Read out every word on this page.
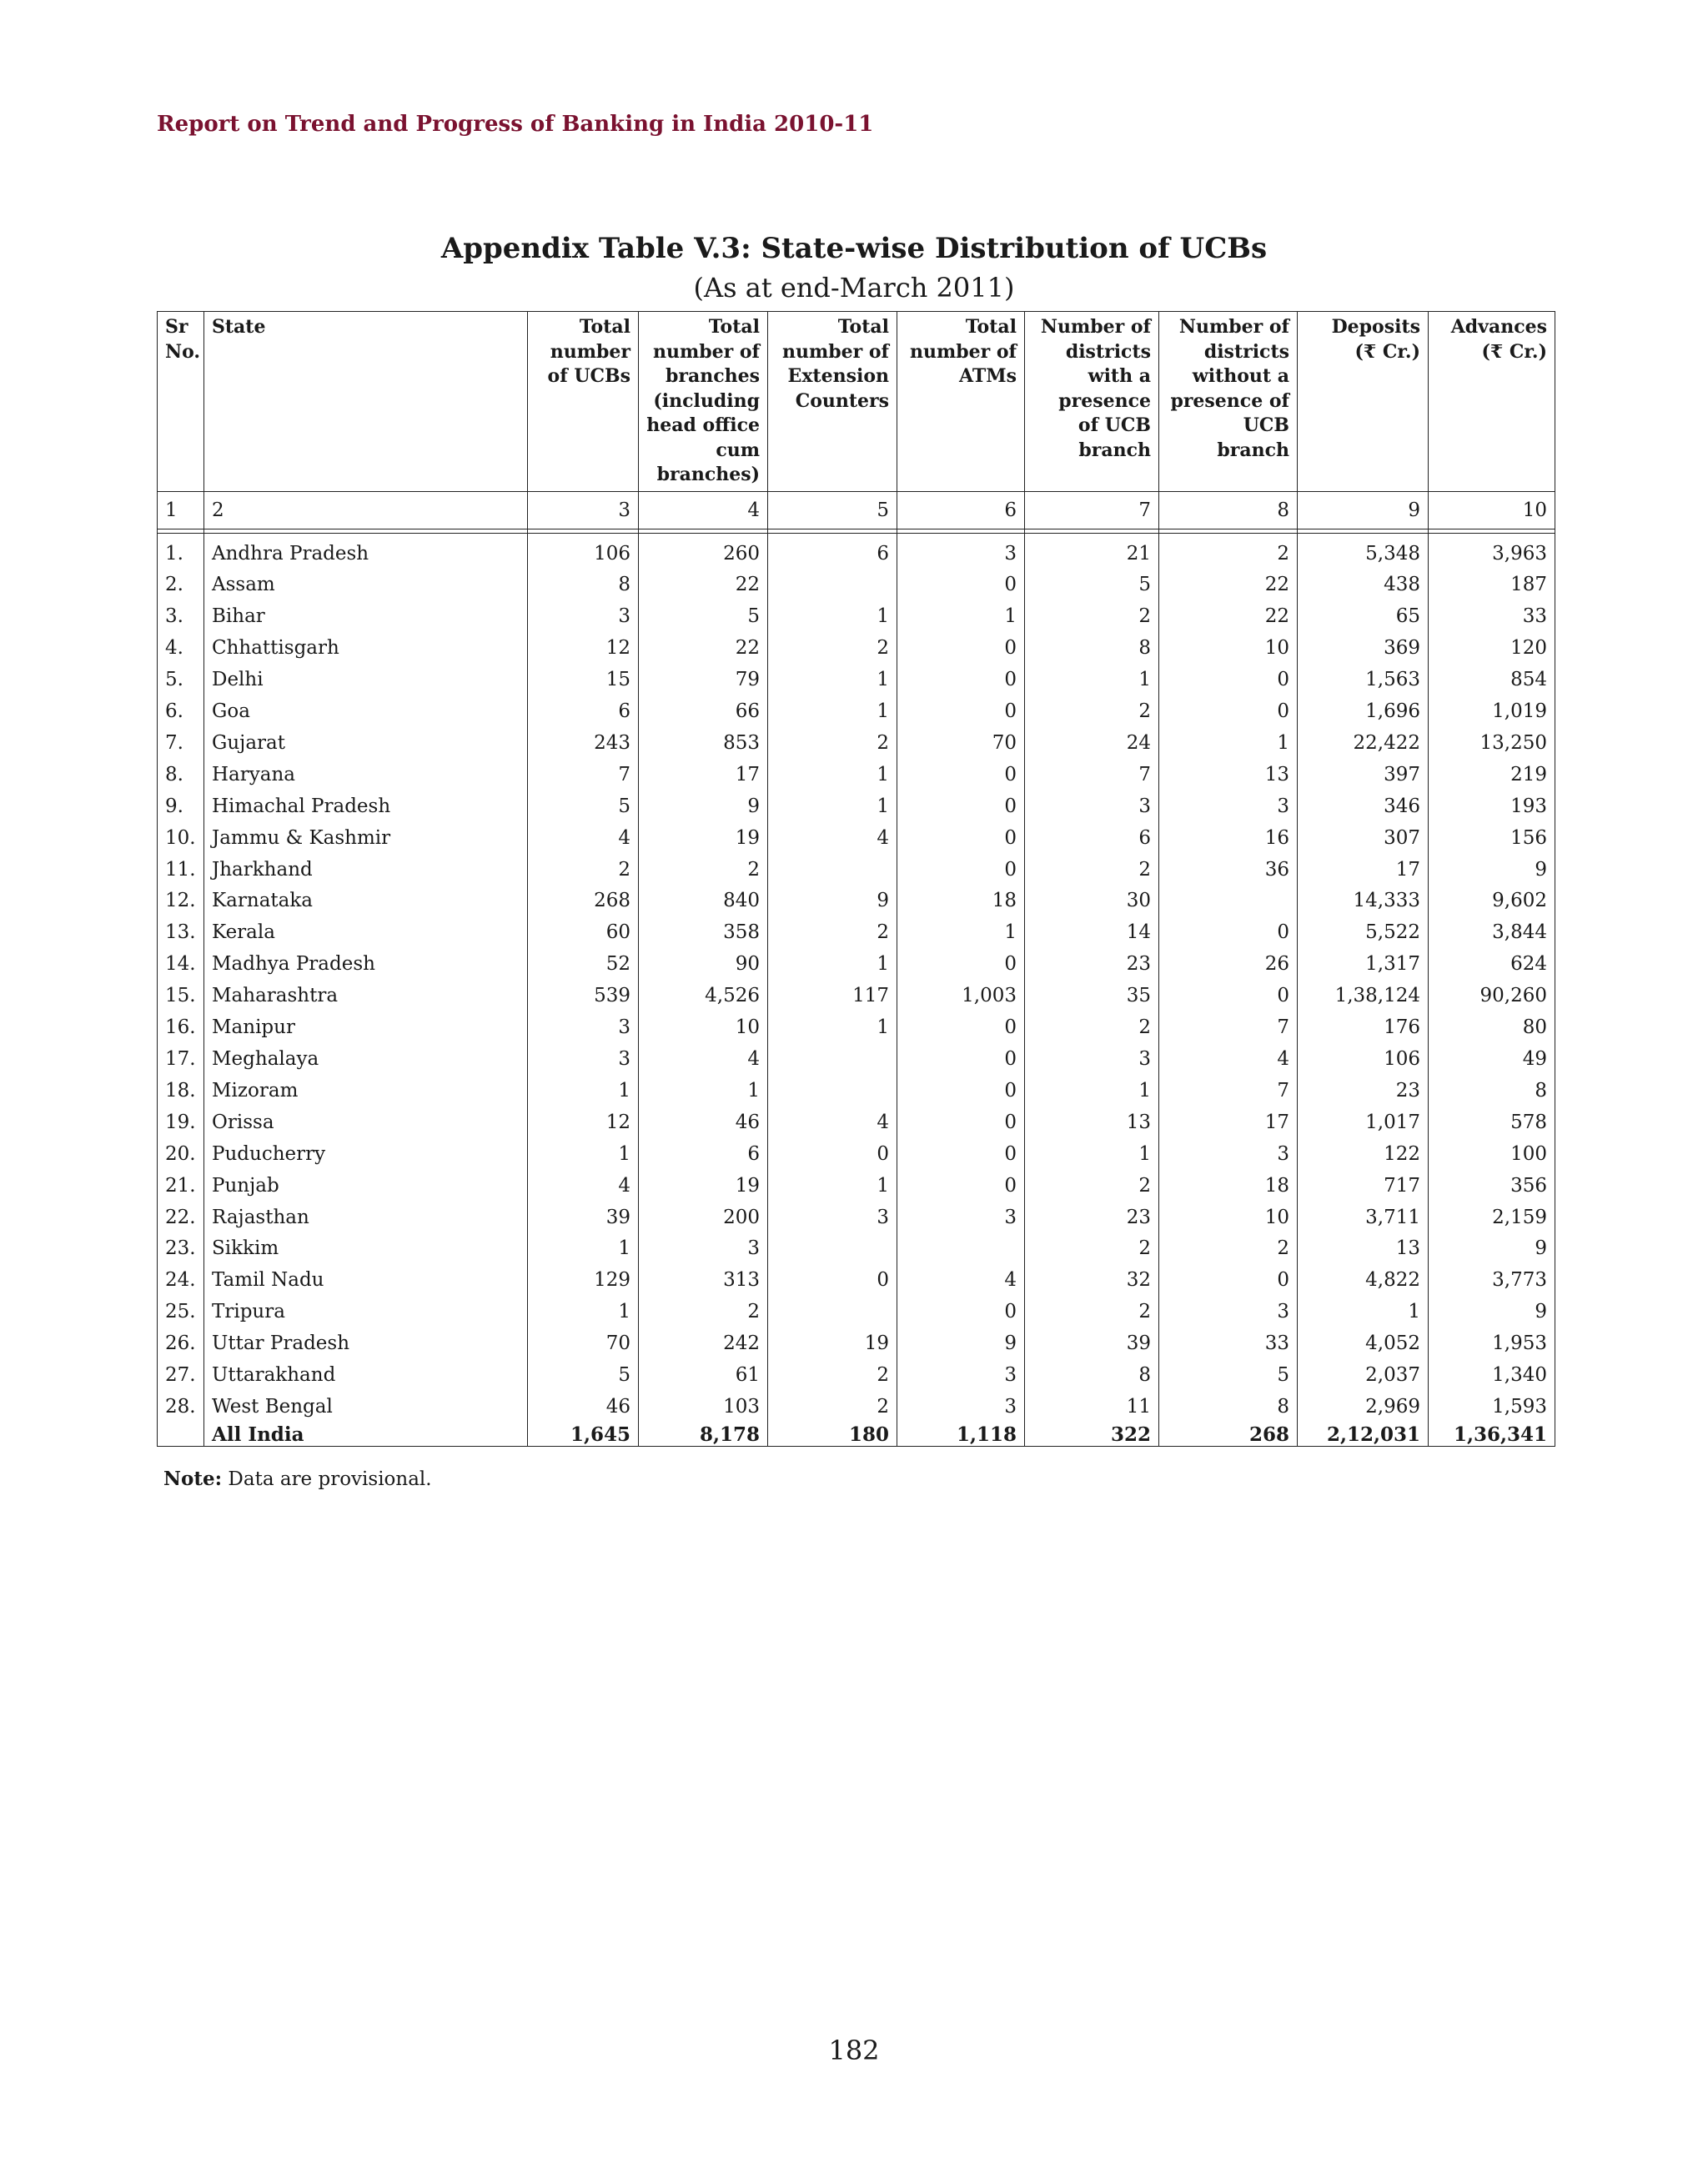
Report on Trend and Progress of Banking in India 2010-11
Appendix Table V.3: State-wise Distribution of UCBs
(As at end-March 2011)
Sr No.	State	Total number of UCBs	Total number of branches (including head office cum branches)	Total number of Extension Counters	Total number of ATMs	Number of districts with a presence of UCB branch	Number of districts without a presence of UCB branch	Deposits (₹ Cr.)	Advances (₹ Cr.)
1	2	3	4	5	6	7	8	9	10

1.	Andhra Pradesh	106	260	6	3	21	2	5,348	3,963
2.	Assam	8	22		0	5	22	438	187
3.	Bihar	3	5	1	1	2	22	65	33
4.	Chhattisgarh	12	22	2	0	8	10	369	120
5.	Delhi	15	79	1	0	1	0	1,563	854
6.	Goa	6	66	1	0	2	0	1,696	1,019
7.	Gujarat	243	853	2	70	24	1	22,422	13,250
8.	Haryana	7	17	1	0	7	13	397	219
9.	Himachal Pradesh	5	9	1	0	3	3	346	193
10.	Jammu & Kashmir	4	19	4	0	6	16	307	156
11.	Jharkhand	2	2		0	2	36	17	9
12.	Karnataka	268	840	9	18	30		14,333	9,602
13.	Kerala	60	358	2	1	14	0	5,522	3,844
14.	Madhya Pradesh	52	90	1	0	23	26	1,317	624
15.	Maharashtra	539	4,526	117	1,003	35	0	1,38,124	90,260
16.	Manipur	3	10	1	0	2	7	176	80
17.	Meghalaya	3	4		0	3	4	106	49
18.	Mizoram	1	1		0	1	7	23	8
19.	Orissa	12	46	4	0	13	17	1,017	578
20.	Puducherry	1	6	0	0	1	3	122	100
21.	Punjab	4	19	1	0	2	18	717	356
22.	Rajasthan	39	200	3	3	23	10	3,711	2,159
23.	Sikkim	1	3			2	2	13	9
24.	Tamil Nadu	129	313	0	4	32	0	4,822	3,773
25.	Tripura	1	2		0	2	3	1	9
26.	Uttar Pradesh	70	242	19	9	39	33	4,052	1,953
27.	Uttarakhand	5	61	2	3	8	5	2,037	1,340
28.	West Bengal	46	103	2	3	11	8	2,969	1,593
	All India	1,645	8,178	180	1,118	322	268	2,12,031	1,36,341
Note: Data are provisional.
182
